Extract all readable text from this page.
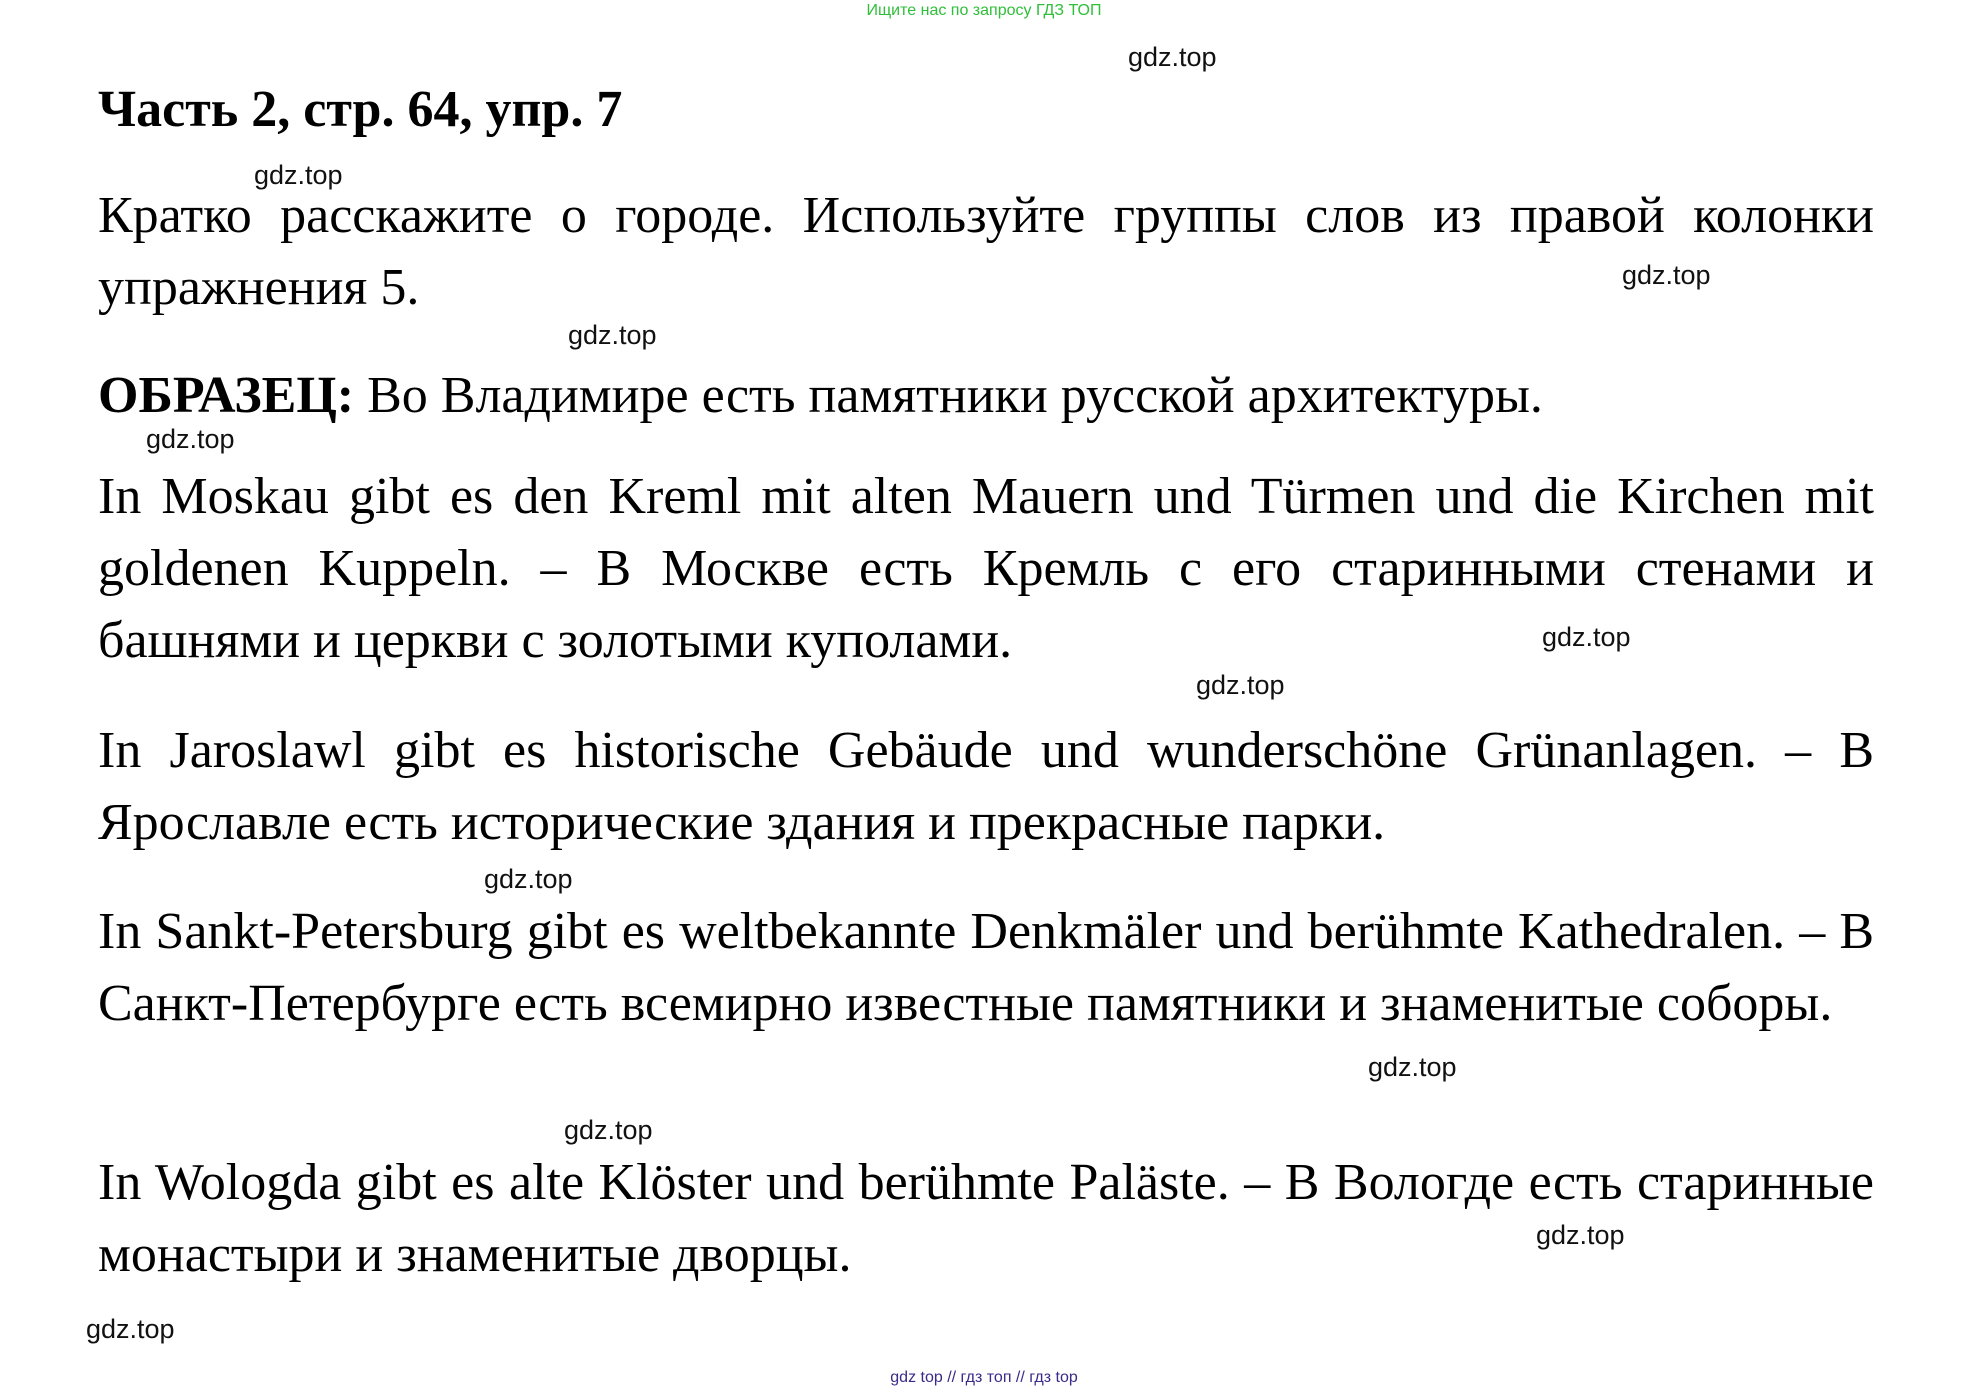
Ищите нас по запросу ГДЗ ТОП
Часть 2, стр. 64, упр. 7
Кратко расскажите о городе. Используйте группы слов из правой колонки упражнения 5.
ОБРАЗЕЦ: Во Владимире есть памятники русской архитектуры.
In Moskau gibt es den Kreml mit alten Mauern und Türmen und die Kirchen mit goldenen Kuppeln. – В Москве есть Кремль с его старинными стенами и башнями и церкви с золотыми куполами.
In Jaroslawl gibt es historische Gebäude und wunderschöne Grünanlagen. – В Ярославле есть исторические здания и прекрасные парки.
In Sankt-Petersburg gibt es weltbekannte Denkmäler und berühmte Kathedralen. – В Санкт-Петербурге есть всемирно известные памятники и знаменитые соборы.
In Wologda gibt es alte Klöster und berühmte Paläste. – В Вологде есть старинные монастыри и знаменитые дворцы.
gdz.top
gdz.top
gdz.top
gdz.top
gdz.top
gdz.top
gdz.top
gdz.top
gdz.top
gdz.top
gdz.top
gdz.top
gdz top // гдз топ // гдз top
